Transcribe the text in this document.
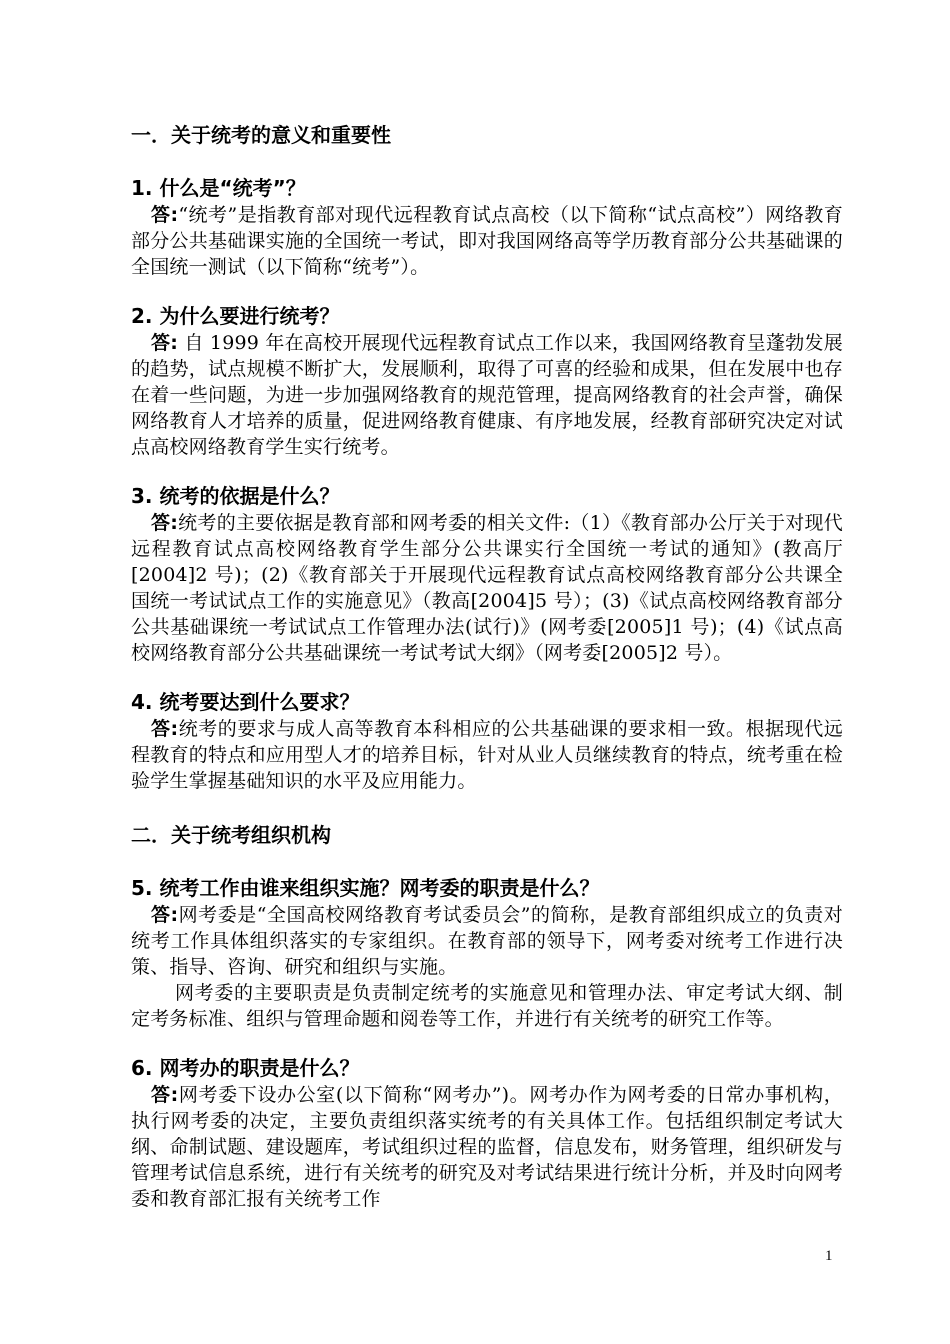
一．关于统考的意义和重要性

1. 什么是“统考”？

答:“统考”是指教育部对现代远程教育试点高校（以下简称“试点高校”）网络教育部分公共基础课实施的全国统一考试，即对我国网络高等学历教育部分公共基础课的全国统一测试（以下简称“统考”）。

2. 为什么要进行统考？

答: 自 1999 年在高校开展现代远程教育试点工作以来，我国网络教育呈蓬勃发展的趋势，试点规模不断扩大，发展顺利，取得了可喜的经验和成果，但在发展中也存在着一些问题，为进一步加强网络教育的规范管理，提高网络教育的社会声誉，确保网络教育人才培养的质量，促进网络教育健康、有序地发展，经教育部研究决定对试点高校网络教育学生实行统考。

3. 统考的依据是什么？

答:统考的主要依据是教育部和网考委的相关文件:（1）《教育部办公厅关于对现代远程教育试点高校网络教育学生部分公共课实行全国统一考试的通知》(教高厅[2004]2 号)；(2)《教育部关于开展现代远程教育试点高校网络教育部分公共课全国统一考试试点工作的实施意见》（教高[2004]5 号）；(3)《试点高校网络教育部分公共基础课统一考试试点工作管理办法(试行)》(网考委[2005]1 号)；(4)《试点高校网络教育部分公共基础课统一考试考试大纲》（网考委[2005]2 号）。

4. 统考要达到什么要求？

答:统考的要求与成人高等教育本科相应的公共基础课的要求相一致。根据现代远程教育的特点和应用型人才的培养目标，针对从业人员继续教育的特点，统考重在检验学生掌握基础知识的水平及应用能力。

二．关于统考组织机构

5. 统考工作由谁来组织实施？网考委的职责是什么？

答:网考委是“全国高校网络教育考试委员会”的简称，是教育部组织成立的负责对统考工作具体组织落实的专家组织。在教育部的领导下，网考委对统考工作进行决策、指导、咨询、研究和组织与实施。

网考委的主要职责是负责制定统考的实施意见和管理办法、审定考试大纲、制定考务标准、组织与管理命题和阅卷等工作，并进行有关统考的研究工作等。

6. 网考办的职责是什么？

答:网考委下设办公室(以下简称“网考办”)。网考办作为网考委的日常办事机构，执行网考委的决定，主要负责组织落实统考的有关具体工作。包括组织制定考试大纲、命制试题、建设题库，考试组织过程的监督，信息发布，财务管理，组织研发与管理考试信息系统，进行有关统考的研究及对考试结果进行统计分析，并及时向网考委和教育部汇报有关统考工作

1
